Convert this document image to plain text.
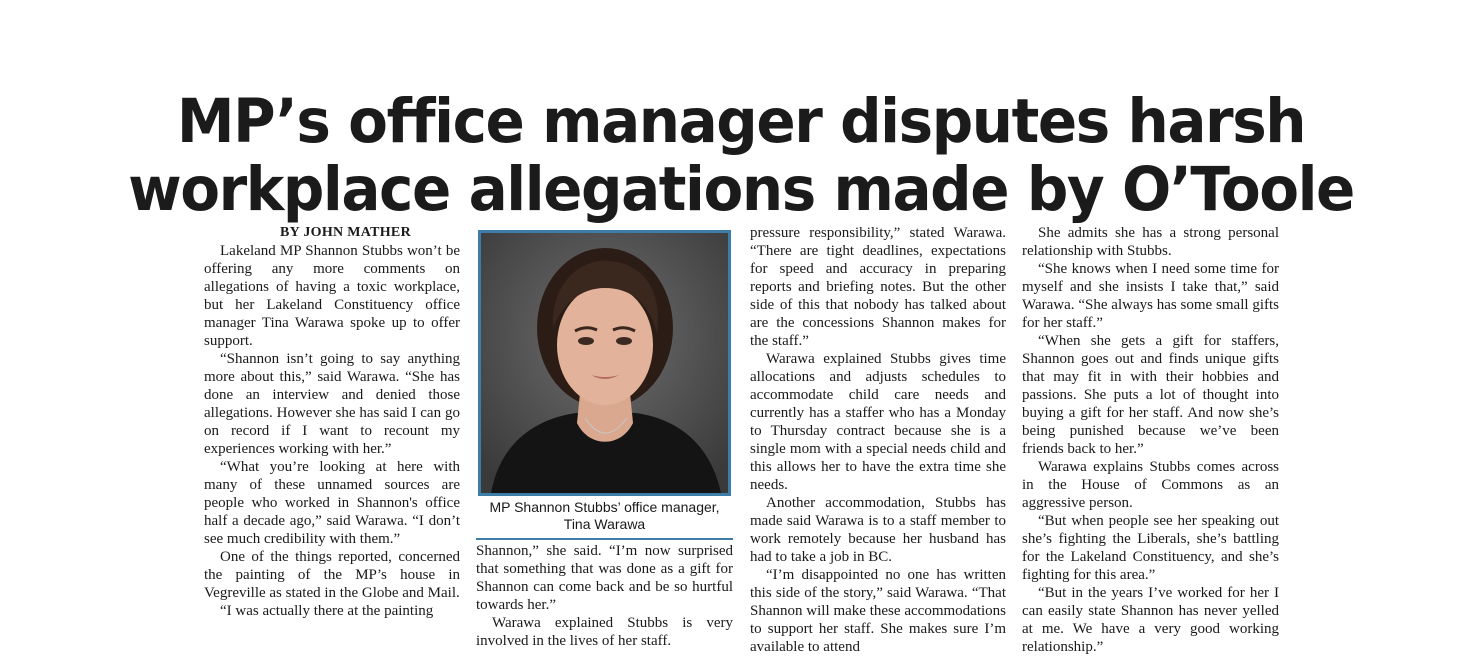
MP’s office manager disputes harsh
workplace allegations made by O’Toole

BY JOHN MATHER

Lakeland MP Shannon Stubbs won’t be offering any more comments on allegations of having a toxic workplace, but her Lakeland Constituency office manager Tina Warawa spoke up to offer support.

“Shannon isn’t going to say anything more about this,” said Warawa. “She has done an interview and denied those allegations. However she has said I can go on record if I want to recount my experiences working with her.”

“What you’re looking at here with many of these unnamed sources are people who worked in Shannon's office half a decade ago,” said Warawa. “I don’t see much credibility with them.”

One of the things reported, concerned the painting of the MP’s house in Vegreville as stated in the Globe and Mail.

“I was actually there at the painting

MP Shannon Stubbs’ office manager,
Tina Warawa

Shannon,” she said. “I’m now surprised that something that was done as a gift for Shannon can come back and be so hurtful towards her.”

Warawa explained Stubbs is very involved in the lives of her staff.

pressure responsibility,” stated Warawa. “There are tight deadlines, expectations for speed and accuracy in preparing reports and briefing notes. But the other side of this that nobody has talked about are the concessions Shannon makes for the staff.”

Warawa explained Stubbs gives time allocations and adjusts schedules to accommodate child care needs and currently has a staffer who has a Monday to Thursday contract because she is a single mom with a special needs child and this allows her to have the extra time she needs.

Another accommodation, Stubbs has made said Warawa is to a staff member to work remotely because her husband has had to take a job in BC.

“I’m disappointed no one has written this side of the story,” said Warawa. “That Shannon will make these accommodations to support her staff. She makes sure I’m available to attend

She admits she has a strong personal relationship with Stubbs.

“She knows when I need some time for myself and she insists I take that,” said Warawa. “She always has some small gifts for her staff.”

“When she gets a gift for staffers, Shannon goes out and finds unique gifts that may fit in with their hobbies and passions. She puts a lot of thought into buying a gift for her staff. And now she’s being punished because we’ve been friends back to her.”

Warawa explains Stubbs comes across in the House of Commons as an aggressive person.

“But when people see her speaking out she’s fighting the Liberals, she’s battling for the Lakeland Constituency, and she’s fighting for this area.”

“But in the years I’ve worked for her I can easily state Shannon has never yelled at me. We have a very good working relationship.”
